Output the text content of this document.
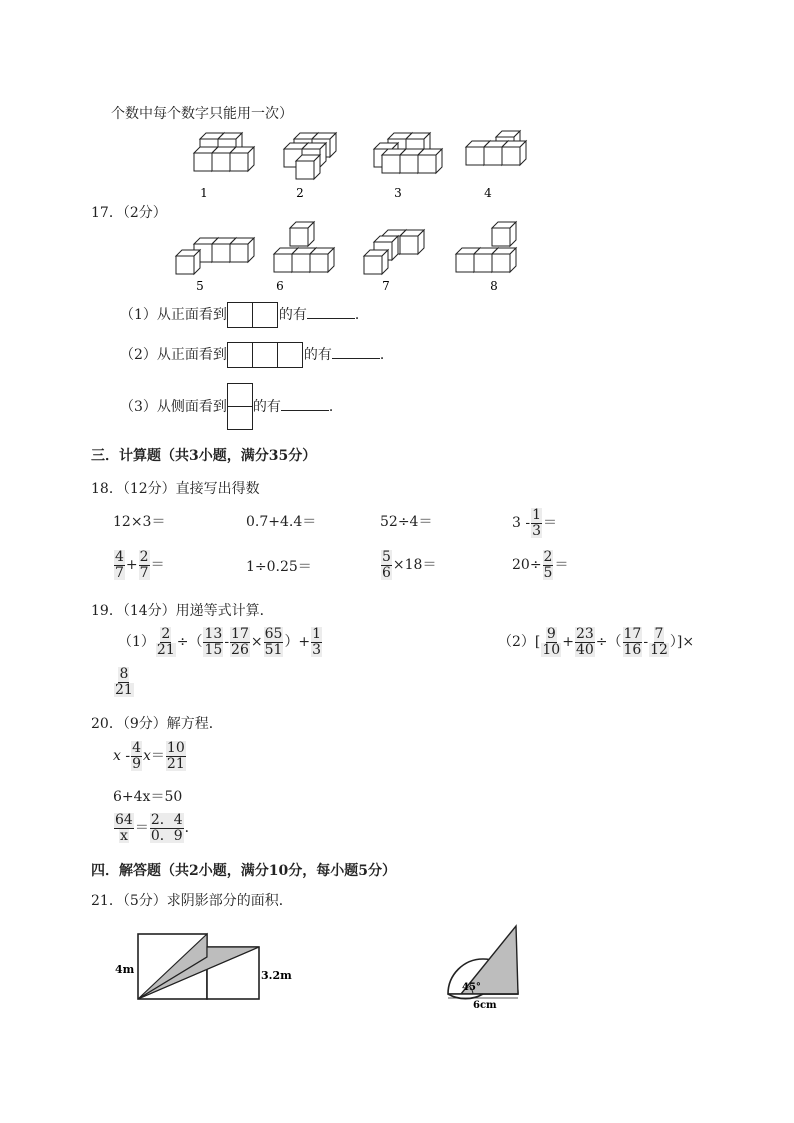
个数中每个数字只能用一次）
1	2	3	4
17．（2分）
5	6	7	8
（1）从正面看到	的有	．
（2）从正面看到	的有	．
（3）从侧面看到 的有	．
三．计算题（共3小题，满分35分）
18．（12分）直接写出得数
12×3＝	0.7+4.4＝	52÷4＝	$3 - \frac{1}{3}$ ＝
$\frac{4}{7} + \frac{2}{7}$ ＝	1÷0.25＝	$\frac{5}{6} \times 18=$	$20\div \frac{2}{5}$ ＝
19．（14分）用递等式计算．
$(1) \frac{2}{21}$ ÷（ $\frac{13}{15} - \frac{17}{26} \times \frac{65}{51}$ ）+ $\frac{1}{3}$	$(2)[ \frac{9}{10} + \frac{23}{40}$ ÷（ $\frac{17}{16} - \frac{7}{12}$ ）]×
$\frac{8}{21}$
20．（9分）解方程．
$x - \frac{4}{9} x= \frac{10}{21}$
6+4x＝50
$\frac{64}{x} = \frac{2.4}{0.9}$ ．
四．解答题（共2小题，满分10分，每小题5分）
21．（5分）求阴影部分的面积．
4m	3.2m
45°
6cm
